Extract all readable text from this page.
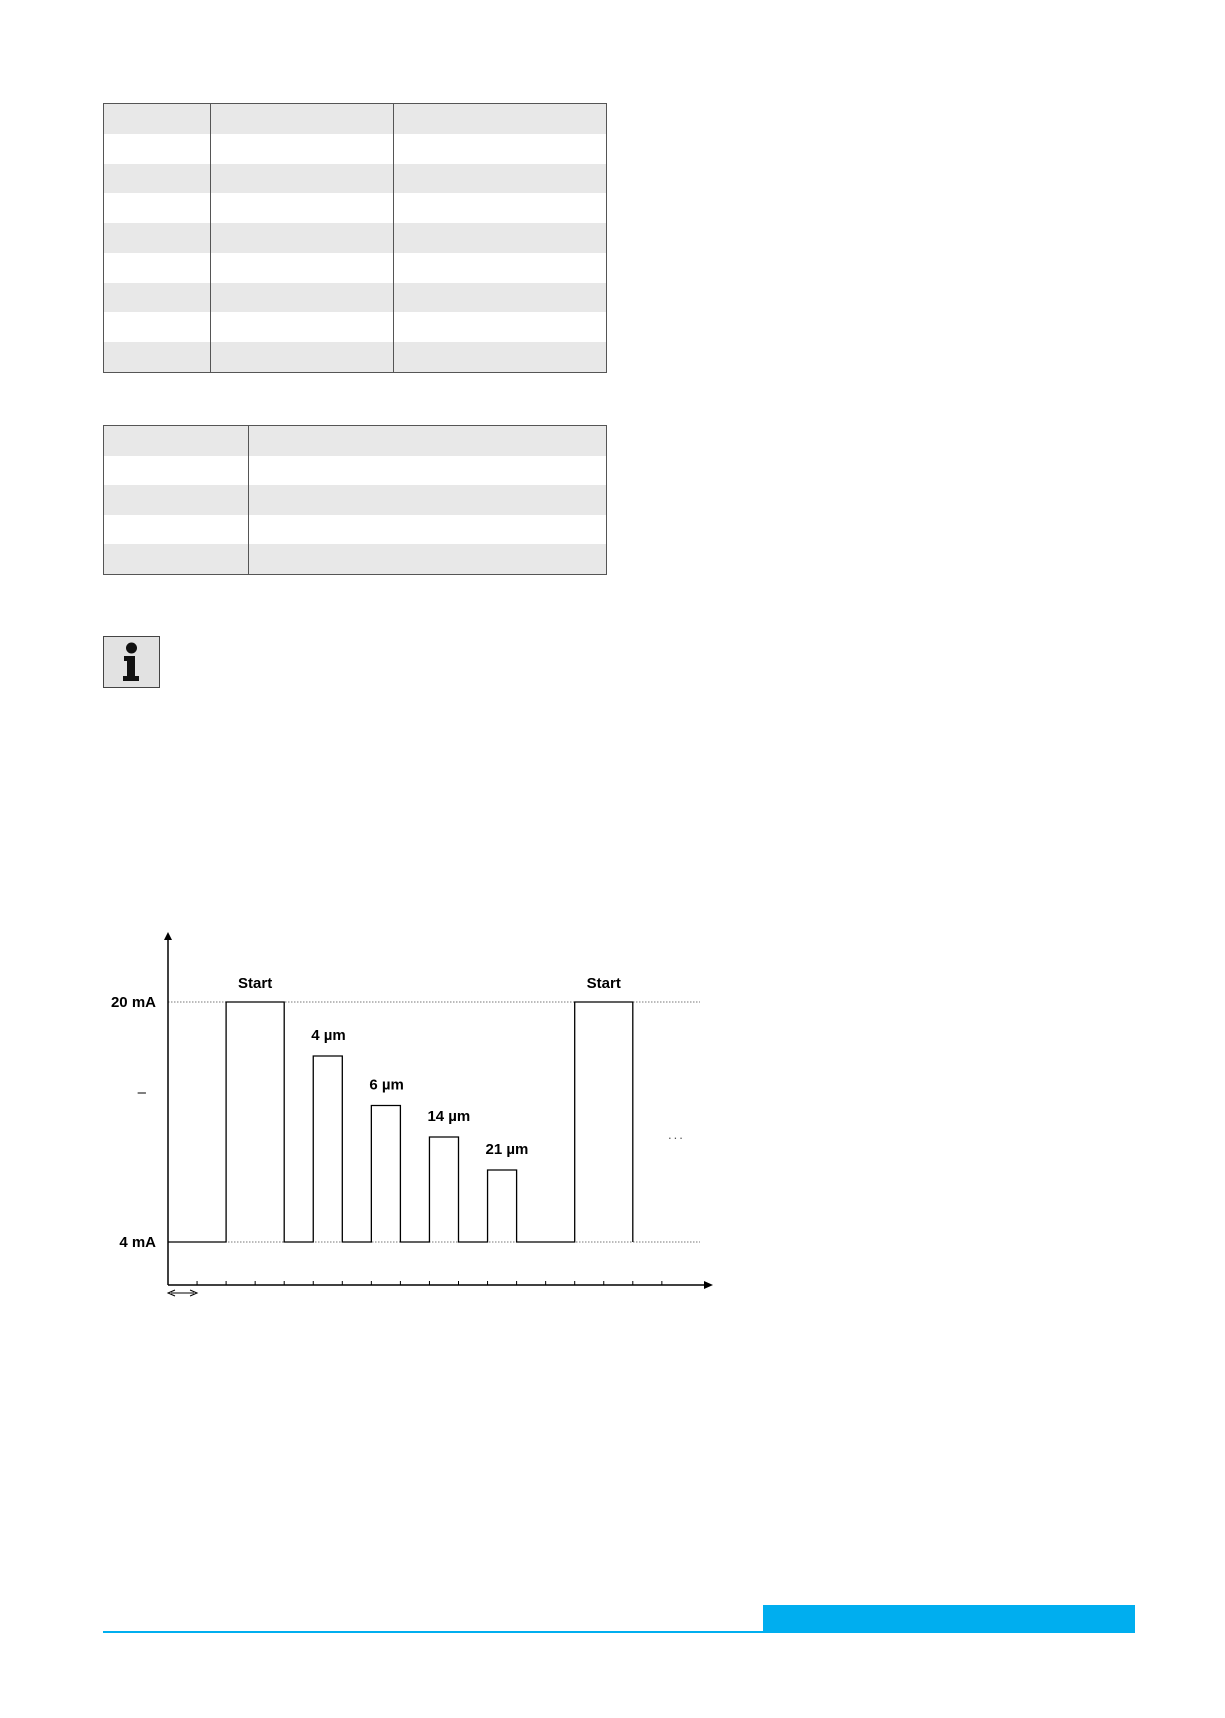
Start
4 µm
6 µm
14 µm
21 µm
Start
20 mA
–
4 mA
...
